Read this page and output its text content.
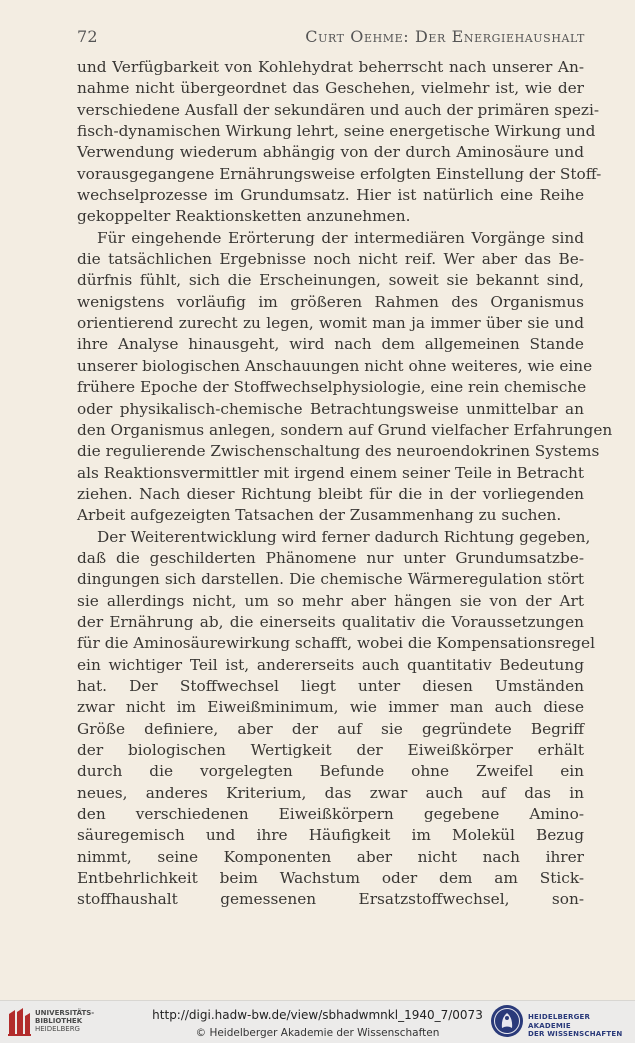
72	Curt Oehme: Der Energiehaushalt
und Verfügbarkeit von Kohlehydrat beherrscht nach unserer An-
nahme nicht übergeordnet das Geschehen, vielmehr ist, wie der
verschiedene Ausfall der sekundären und auch der primären spezi-
fisch-dynamischen Wirkung lehrt, seine energetische Wirkung und
Verwendung wiederum abhängig von der durch Aminosäure und
vorausgegangene Ernährungsweise erfolgten Einstellung der Stoff-
wechselprozesse im Grundumsatz. Hier ist natürlich eine Reihe
gekoppelter Reaktionsketten anzunehmen.
Für eingehende Erörterung der intermediären Vorgänge sind
die tatsächlichen Ergebnisse noch nicht reif. Wer aber das Be-
dürfnis fühlt, sich die Erscheinungen, soweit sie bekannt sind,
wenigstens vorläufig im größeren Rahmen des Organismus
orientierend zurecht zu legen, womit man ja immer über sie und
ihre Analyse hinausgeht, wird nach dem allgemeinen Stande
unserer biologischen Anschauungen nicht ohne weiteres, wie eine
frühere Epoche der Stoffwechselphysiologie, eine rein chemische
oder physikalisch-chemische Betrachtungsweise unmittelbar an
den Organismus anlegen, sondern auf Grund vielfacher Erfahrungen
die regulierende Zwischenschaltung des neuroendokrinen Systems
als Reaktionsvermittler mit irgend einem seiner Teile in Betracht
ziehen. Nach dieser Richtung bleibt für die in der vorliegenden
Arbeit aufgezeigten Tatsachen der Zusammenhang zu suchen.
Der Weiterentwicklung wird ferner dadurch Richtung gegeben,
daß die geschilderten Phänomene nur unter Grundumsatzbe-
dingungen sich darstellen. Die chemische Wärmeregulation stört
sie allerdings nicht, um so mehr aber hängen sie von der Art
der Ernährung ab, die einerseits qualitativ die Voraussetzungen
für die Aminosäurewirkung schafft, wobei die Kompensationsregel
ein wichtiger Teil ist, andererseits auch quantitativ Bedeutung
hat. Der Stoffwechsel liegt unter diesen Umständen
zwar nicht im Eiweißminimum, wie immer man auch diese
Größe definiere, aber der auf sie gegründete Begriff
der biologischen Wertigkeit der Eiweißkörper erhält
durch die vorgelegten Befunde ohne Zweifel ein
neues, anderes Kriterium, das zwar auch auf das in
den verschiedenen Eiweißkörpern gegebene Amino-
säuregemisch und ihre Häufigkeit im Molekül Bezug
nimmt, seine Komponenten aber nicht nach ihrer
Entbehrlichkeit beim Wachstum oder dem am Stick-
stoffhaushalt gemessenen Ersatzstoffwechsel, son-
UNIVERSITÄTS-
BIBLIOTHEK
HEIDELBERG
http://digi.hadw-bw.de/view/sbhadwmnkl_1940_7/0073
© Heidelberger Akademie der Wissenschaften
HEIDELBERGER AKADEMIE
DER WISSENSCHAFTEN
